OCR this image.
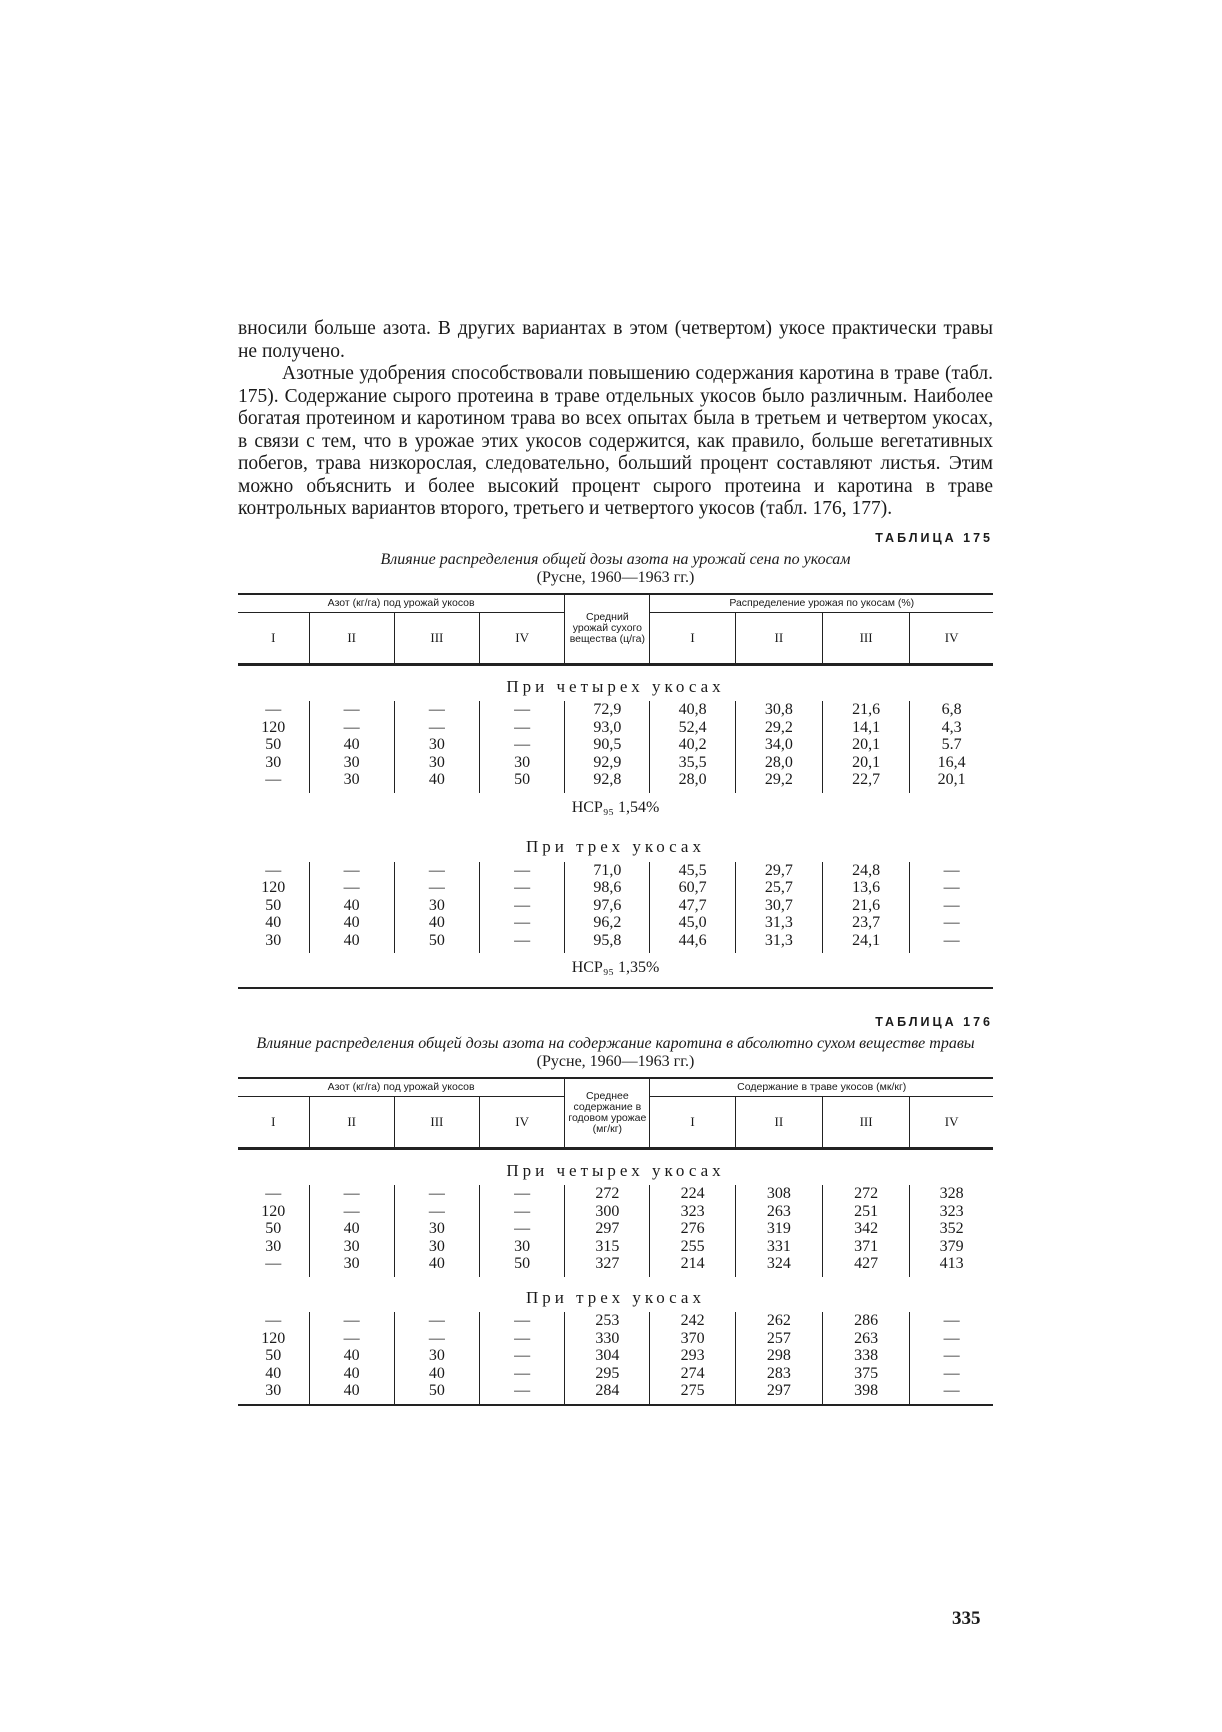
вносили больше азота. В других вариантах в этом (четвертом) укосе практически травы не получено.

Азотные удобрения способствовали повышению содержания каротина в траве (табл. 175). Содержание сырого протеина в траве отдельных укосов было различным. Наиболее богатая протеином и каротином трава во всех опытах была в третьем и четвертом укосах, в связи с тем, что в урожае этих укосов содержится, как правило, больше вегетативных побегов, трава низкорослая, следовательно, больший процент составляют листья. Этим можно объяснить и более высокий процент сырого протеина и каротина в траве контрольных вариантов второго, третьего и четвертого укосов (табл. 176, 177).

ТАБЛИЦА 175
Влияние распределения общей дозы азота на урожай сена по укосам
(Русне, 1960—1963 гг.)
Азот (кг/га) под урожай укосов				Средний урожай сухого вещества (ц/га)	Распределение урожая по укосам (%)			
I	II	III	IV		I	II	III	IV
При четырех укосах								
—	—	—	—	72,9	40,8	30,8	21,6	6,8
120	—	—	—	93,0	52,4	29,2	14,1	4,3
50	40	30	—	90,5	40,2	34,0	20,1	5.7
30	30	30	30	92,9	35,5	28,0	20,1	16,4
—	30	40	50	92,8	28,0	29,2	22,7	20,1
НСР₉₅ 1,54%								
При трех укосах								
—	—	—	—	71,0	45,5	29,7	24,8	—
120	—	—	—	98,6	60,7	25,7	13,6	—
50	40	30	—	97,6	47,7	30,7	21,6	—
40	40	40	—	96,2	45,0	31,3	23,7	—
30	40	50	—	95,8	44,6	31,3	24,1	—
НСР₉₅ 1,35%								
ТАБЛИЦА 176
Влияние распределения общей дозы азота на содержание каротина в абсолютно сухом веществе травы (Русне, 1960—1963 гг.)
Азот (кг/га) под урожай укосов				Среднее содержание в годовом урожае (мг/кг)	Содержание в траве укосов (мк/кг)			
I	II	III	IV		I	II	III	IV
При четырех укосах								
—	—	—	—	272	224	308	272	328
120	—	—	—	300	323	263	251	323
50	40	30	—	297	276	319	342	352
30	30	30	30	315	255	331	371	379
—	30	40	50	327	214	324	427	413
При трех укосах								
—	—	—	—	253	242	262	286	—
120	—	—	—	330	370	257	263	—
50	40	30	—	304	293	298	338	—
40	40	40	—	295	274	283	375	—
30	40	50	—	284	275	297	398	—
335
